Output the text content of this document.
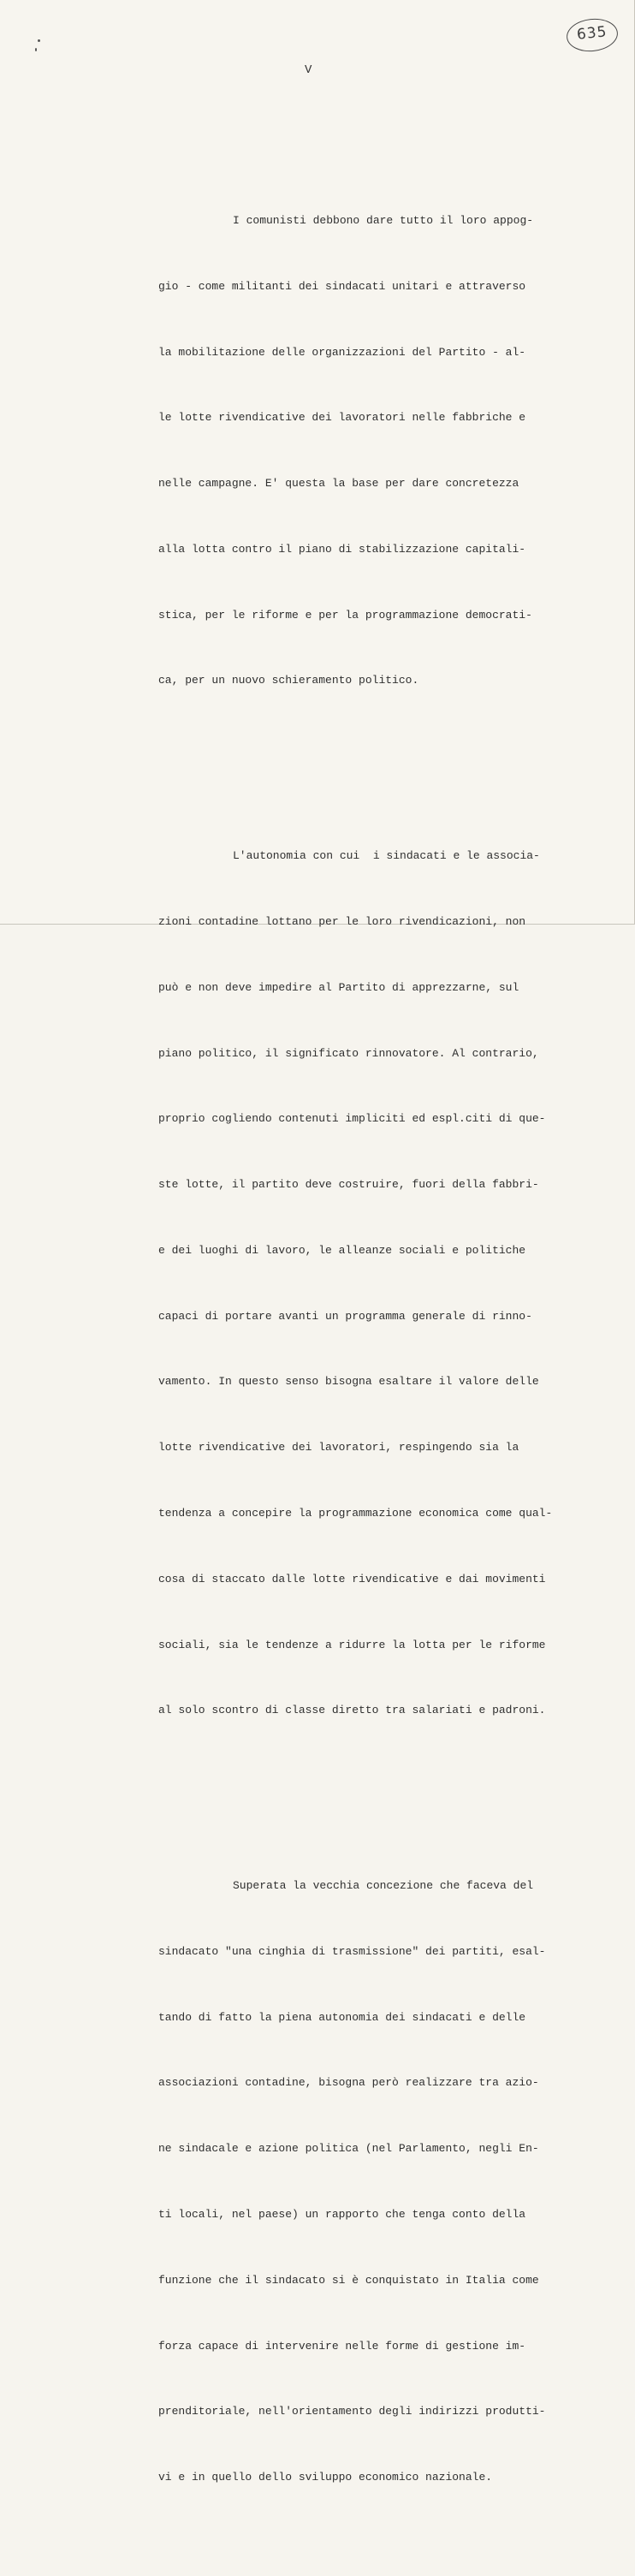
635
V

I comunisti debbono dare tutto il loro appog-

gio - come militanti dei sindacati unitari e attraverso

la mobilitazione delle organizzazioni del Partito - al-

le lotte rivendicative dei lavoratori nelle fabbriche e

nelle campagne. E' questa la base per dare concretezza

alla lotta contro il piano di stabilizzazione capitali-

stica, per le riforme e per la programmazione democrati-

ca, per un nuovo schieramento politico.

L'autonomia con cui  i sindacati e le associa-

zioni contadine lottano per le loro rivendicazioni, non

può e non deve impedire al Partito di apprezzarne, sul

piano politico, il significato rinnovatore. Al contrario,

proprio cogliendo contenuti impliciti ed espl.citi di que-

ste lotte, il partito deve costruire, fuori della fabbri-

e dei luoghi di lavoro, le alleanze sociali e politiche

capaci di portare avanti un programma generale di rinno-

vamento. In questo senso bisogna esaltare il valore delle

lotte rivendicative dei lavoratori, respingendo sia la

tendenza a concepire la programmazione economica come qual-

cosa di staccato dalle lotte rivendicative e dai movimenti

sociali, sia le tendenze a ridurre la lotta per le riforme

al solo scontro di classe diretto tra salariati e padroni.

Superata la vecchia concezione che faceva del

sindacato "una cinghia di trasmissione" dei partiti, esal-

tando di fatto la piena autonomia dei sindacati e delle

associazioni contadine, bisogna però realizzare tra azio-

ne sindacale e azione politica (nel Parlamento, negli En-

ti locali, nel paese) un rapporto che tenga conto della

funzione che il sindacato si è conquistato in Italia come

forza capace di intervenire nelle forme di gestione im-

prenditoriale, nell'orientamento degli indirizzi produtti-

vi e in quello dello sviluppo economico nazionale.
